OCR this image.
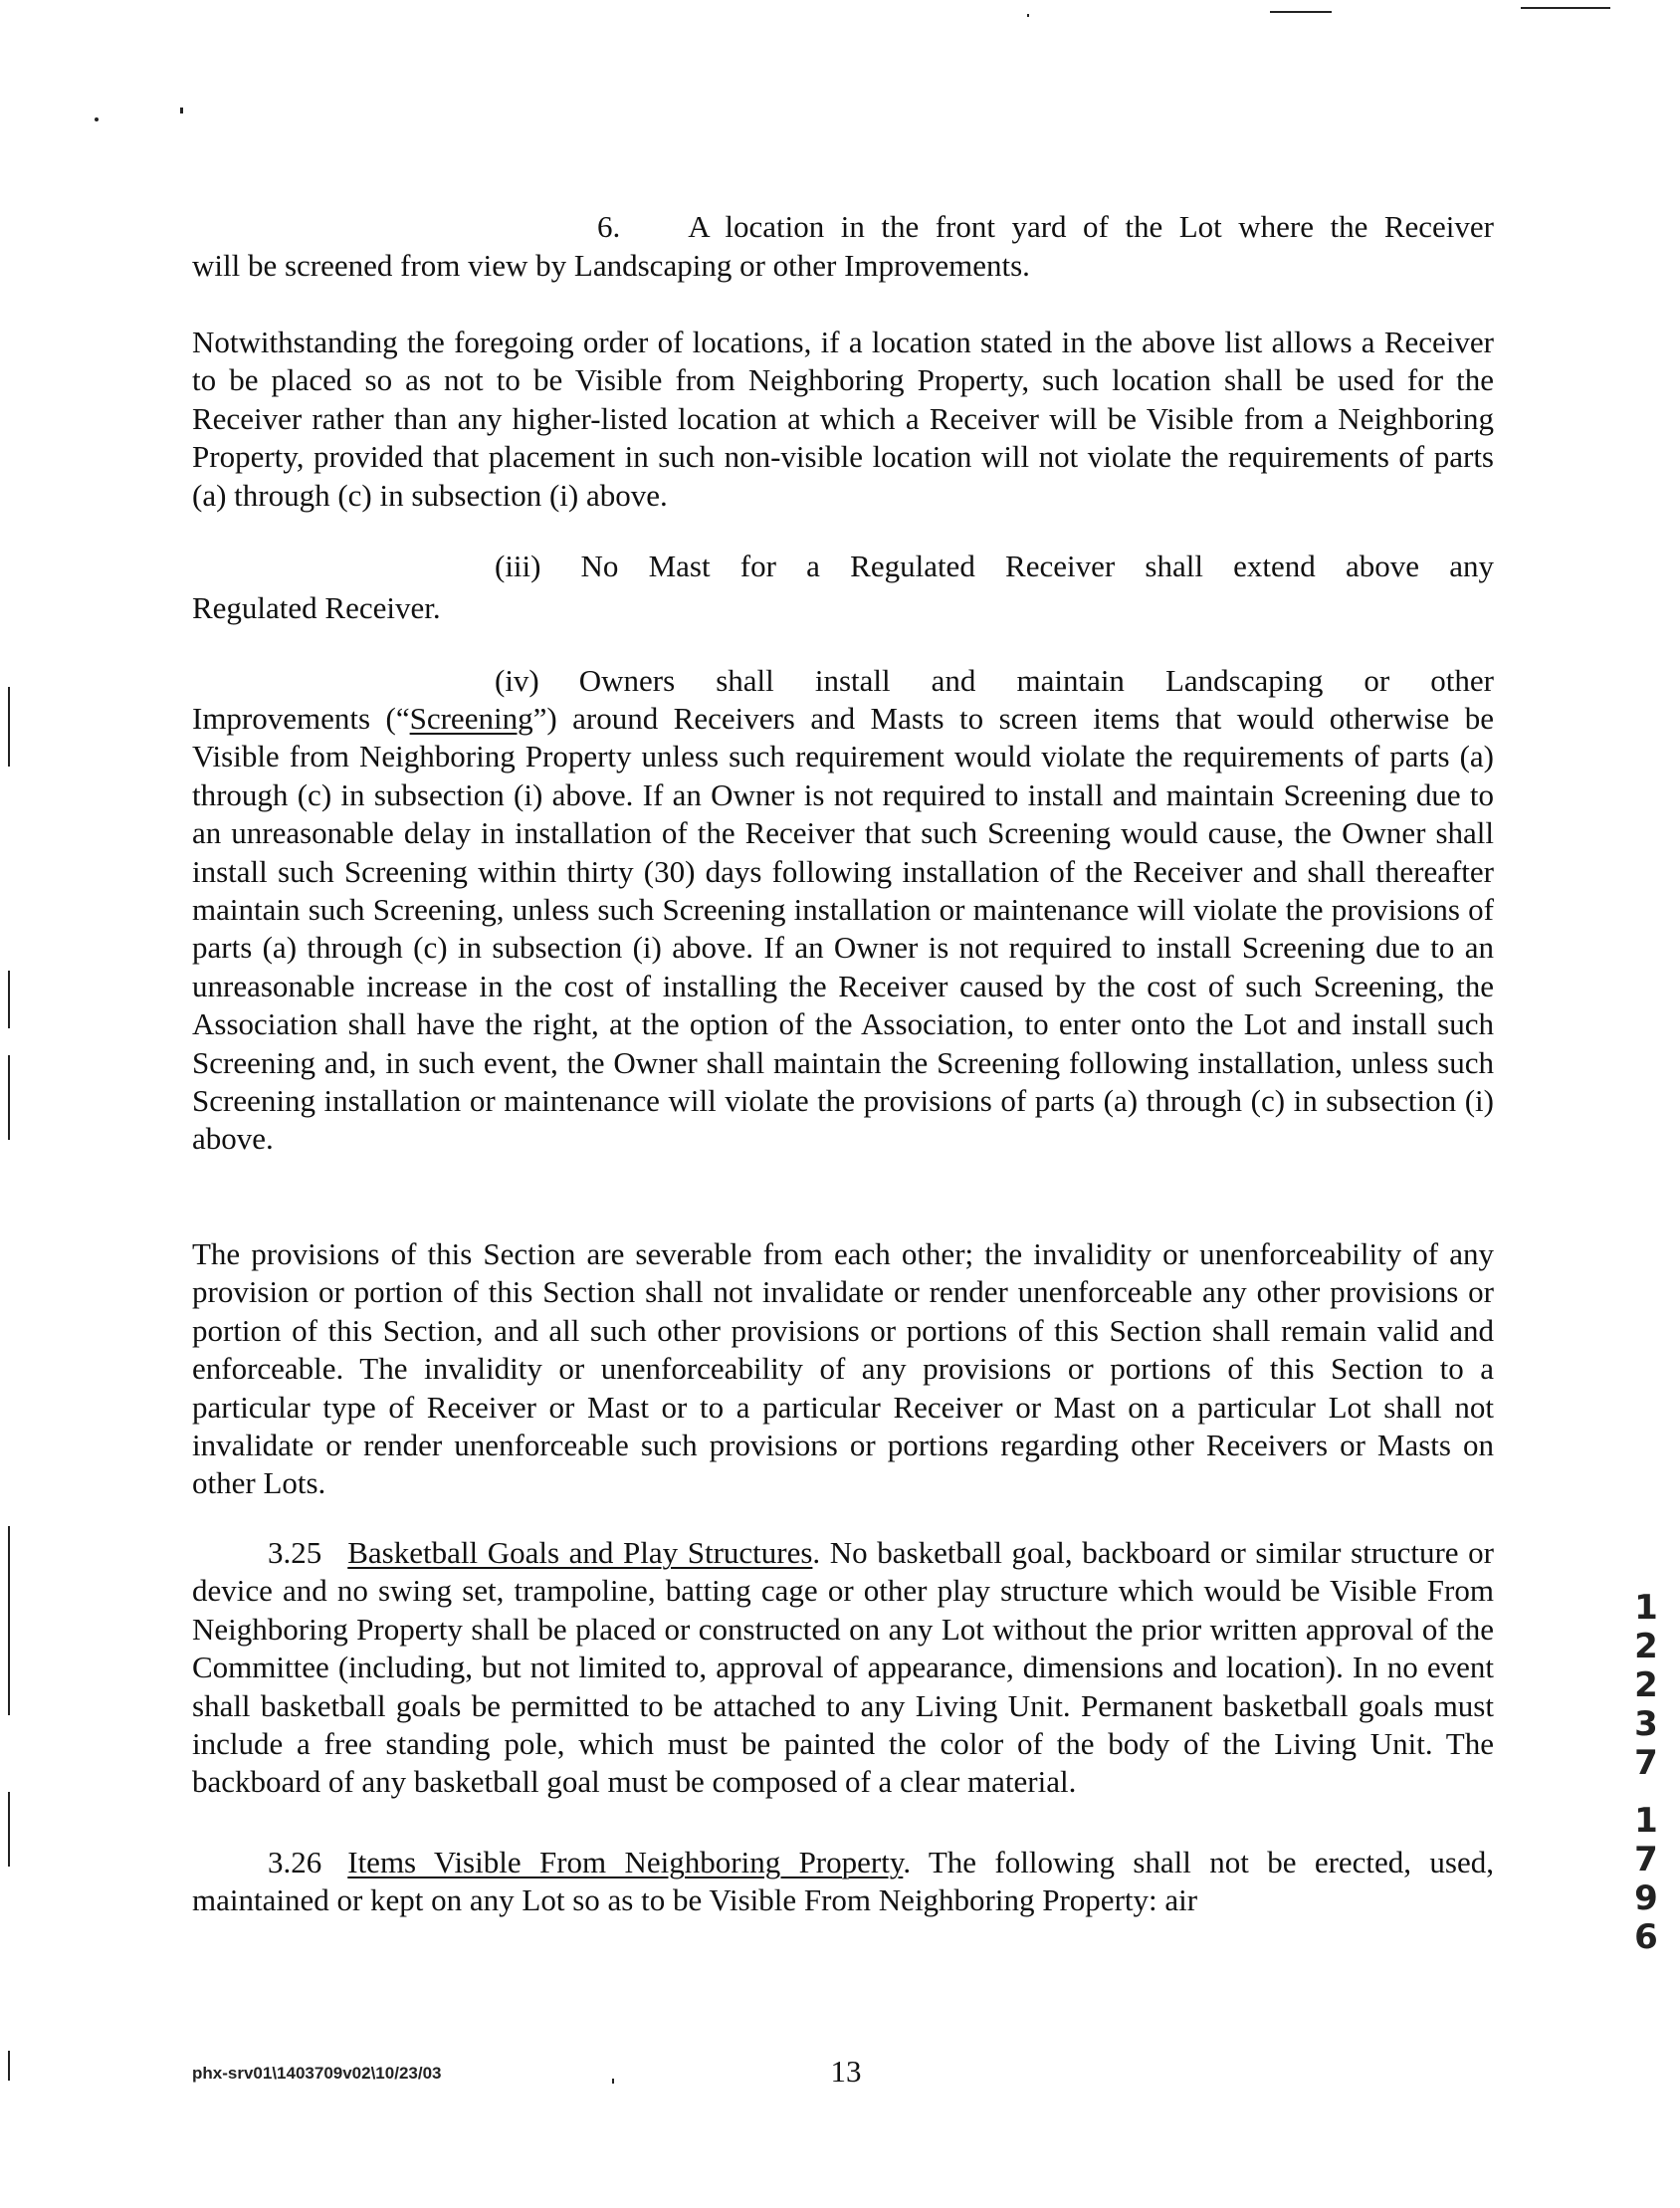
6. A location in the front yard of the Lot where the Receiver
will be screened from view by Landscaping or other Improvements.
Notwithstanding the foregoing order of locations, if a location stated in the above list allows a Receiver to be placed so as not to be Visible from Neighboring Property, such location shall be used for the Receiver rather than any higher-listed location at which a Receiver will be Visible from a Neighboring Property, provided that placement in such non-visible location will not violate the requirements of parts (a) through (c) in subsection (i) above.
(iii) No Mast for a Regulated Receiver shall extend above any
Regulated Receiver.
(iv) Owners shall install and maintain Landscaping or other
Improvements (“Screening”) around Receivers and Masts to screen items that would otherwise be Visible from Neighboring Property unless such requirement would violate the requirements of parts (a) through (c) in subsection (i) above. If an Owner is not required to install and maintain Screening due to an unreasonable delay in installation of the Receiver that such Screening would cause, the Owner shall install such Screening within thirty (30) days following installation of the Receiver and shall thereafter maintain such Screening, unless such Screening installation or maintenance will violate the provisions of parts (a) through (c) in subsection (i) above. If an Owner is not required to install Screening due to an unreasonable increase in the cost of installing the Receiver caused by the cost of such Screening, the Association shall have the right, at the option of the Association, to enter onto the Lot and install such Screening and, in such event, the Owner shall maintain the Screening following installation, unless such Screening installation or maintenance will violate the provisions of parts (a) through (c) in subsection (i) above.
The provisions of this Section are severable from each other; the invalidity or unenforceability of any provision or portion of this Section shall not invalidate or render unenforceable any other provisions or portion of this Section, and all such other provisions or portions of this Section shall remain valid and enforceable. The invalidity or unenforceability of any provisions or portions of this Section to a particular type of Receiver or Mast or to a particular Receiver or Mast on a particular Lot shall not invalidate or render unenforceable such provisions or portions regarding other Receivers or Masts on other Lots.
3.25 Basketball Goals and Play Structures. No basketball goal, backboard or similar structure or device and no swing set, trampoline, batting cage or other play structure which would be Visible From Neighboring Property shall be placed or constructed on any Lot without the prior written approval of the Committee (including, but not limited to, approval of appearance, dimensions and location). In no event shall basketball goals be permitted to be attached to any Living Unit. Permanent basketball goals must include a free standing pole, which must be painted the color of the body of the Living Unit. The backboard of any basketball goal must be composed of a clear material.
3.26 Items Visible From Neighboring Property. The following shall not be erected, used, maintained or kept on any Lot so as to be Visible From Neighboring Property: air
1
2
2
3
7
1
7
9
6
phx-srv01\1403709v02\10/23/03	13
